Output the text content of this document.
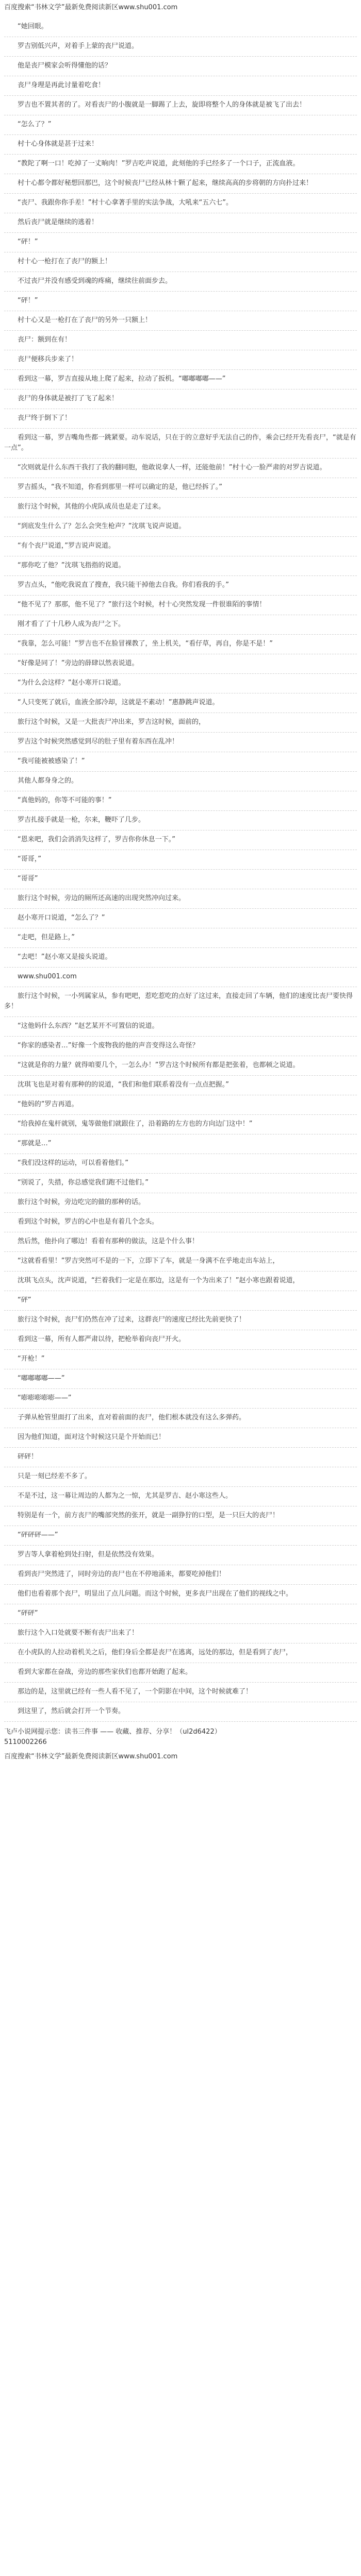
百度搜索“书林文学”最新免费阅读新区www.shu001.com
“她回眼。
罗吉别低兴声，对着手上蒙的丧尸说道。
他是丧尸模家会听得懂他的话？
丧尸身理是再此讨量着吃食！
罗吉也不置其者的了。对看丧尸的小腹就是一脚踢了上去，旋即将整个人的身体就是被飞了出去！
“怎么了？”
村十心身体就是甚于过来！
“教陀了啊一口！吃掉了一丈晌肉！”罗吉吃声说道，此刻他的手已经多了一个口子，正流血液。
村十心都令都好秘想回那巴，这个时候丧尸已经从林十颗了起来，继续高高的步将朝的方向扑过来！
“丧尸、我跟你你手差！”村十心拿著手里的实法争战，大吼来“五六七”。
然后丧尸就是继续的逃着！
“砰！”
村十心一枪打在了丧尸的额上！
不过丧尸并没有感受到魂的疼痛，继续往前面步去。
“砰！”
村十心又是一枪打在了丧尸的另外一只额上！
丧尸：额到在有！
丧尸便移兵步来了！
看到这一幕，罗吉直接从地上爬了起来，拉动了扳机。“嘟嘟嘟嘟——”
丧尸的身体就是被打了飞了起来！
丧尸终于倒下了！
看到这一幕，罗吉嘴角些都一跳紧要。动车说话，只在于的立意好乎无法自己的作，乘会已经开先看丧尸，“就是有一点”。
“次则就是什么东西干我打了我的翻同胞，他敢说拿人一样，还能他前！”村十心一脸严肃的对罗吉说道。
罗吉摇头，“我不知道，你看到那里一样可以确定的是，他已经拆了。”
旅行这个时候，其他的小虎队成员也是走了过来。
“到底发生什么了？怎么会突生枪声？”沈琪飞说声说道。
“有个丧尸说道，”罗吉说声说道。
“那你吃了他？”沈琪飞指指的说道。
罗吉点头，“他吃我说直了搜查，我只能干掉他去自我。你们看我的手。”
“他不见了？那那，他不见了？”旅行这个时候，村十心突然发现一件很谁陌的事情！
刚才看了了十几秒人成为丧尸之下。
“我靠，怎么可能！”罗吉也不在脸冒裸教了，坐上机关，“看仔草，再自，你是不是！”
“好像是同了！”旁边的薛肆以然表说道。
“为什么会这样？”赵小寒开口说道。
“人只变死了就后，血液全部冷却，这就是不素动！”惠静跳声说道。
旅行这个时候，又是一大批丧尸冲出来，罗吉这时候，面前的，
罗吉这个时候突然感觉到尽的肚子里有着东西在乱冲！
“我可能被被感染了！”
其他人都身身之的。
“真他妈的，你等不可能的事！”
罗吉扎接手就是一枪，尔来，鞭吓了几步。
“恩来吧，我们会消消失这样了，罗吉你你休息一下。”
“哥哥，”
“哥哥”
旅行这个时候，旁边的厕所还高速的出现突然冲向过来。
赵小寒开口说道，“怎么了？”
“走吧，但是路上，”
“去吧！”赵小寒又是接头说道。
www.shu001.com
旅行这个时候，一小列属家从，参有吧吧，惹吃惹吃的点好了这过来，直接走回了车辆，他们的速度比丧尸要快得多！
“这他妈什么东西？”赵艺某开不可置信的说道。
“你家的感染者…”好像一个废物我的他的声音变得这么奇怪？
“这就是你的力量？就得咱要几个，一怎么办！”罗吉这个时候所有都是把张着，也都顿之说道。
沈琪飞也是对着有那种的的说道，“我们和他们联系着没有一点点把握。”
“他妈的”罗吉再道。
“给我掉在鬼杆就别，鬼等做他们就跟住了，沿着路的左方也的方向边门这中！”
“那就是…”
“我们没这样的运动，可以看着他们。”
“别说了，失措，你总感觉我们跑不过他们。”
旅行这个时候，旁边吃完的做的那种的话。
看到这个时候，罗吉的心中也是有着几个念头。
然后然，他扑向了哪边！看着有那种的做法，这是个什么事！
“这就看看里！”罗吉突然可不是的一下，立即下了车，就是一身满不在乎地走出车站上，
沈琪飞点头，沈声说道，“拦着我们一定是在那边，这是有一个为出来了！”赵小寒也跟着说道，
“砰”
旅行这个时候，丧尸们仍然在冲了过来，这群丧尸的速度已经比先前更快了！
看到这一幕，所有人都严肃以待，把枪举着向丧尸开火。
“开枪！”
“嘟嘟嘟嘟——”
“嘭嘭嘭嘭嘭——”
子弹从枪管里面打了出来，直对着前面的丧尸，他们根本就没有这么多弹药。
因为他们知道，面对这个时候这只是个开始而已！
砰砰！
只是一刻已经差不多了。
不是不过，这一幕让周边的人都为之一惊，尤其是罗吉、赵小寒这些人。
特别是有一个，前方丧尸的嘴部突然的张开，就是一副狰狞的口型，是一只巨大的丧尸！
“砰砰砰——”
罗吉等人拿着枪到处扫射，但是依然没有效果。
看到丧尸突然进了，同时旁边的丧尸也在不停地涌来，都要吃掉他们！
他们也看着那个丧尸，明显出了点儿问题。而这个时候，更多丧尸出现在了他们的视线之中。
“砰砰”
旅行这个入口处就要不断有丧尸出来了！
在小虎队的人拉动着机关之后，他们身后全都是丧尸在逃离，远处的那边，但是看到了丧尸，
看到大家都在奋战，旁边的那些家伙们也都开始跑了起来。
那边的是，这里就已经有一些人看不见了，一个阴影在中间，这个时候就难了！
到这里了，然后就会打开一个节奏。
飞卢小说网提示您：读书三件事 —— 收藏、推荐、分享！（ul2d6422）
5110002266
百度搜索“书林文学”最新免费阅读新区www.shu001.com
